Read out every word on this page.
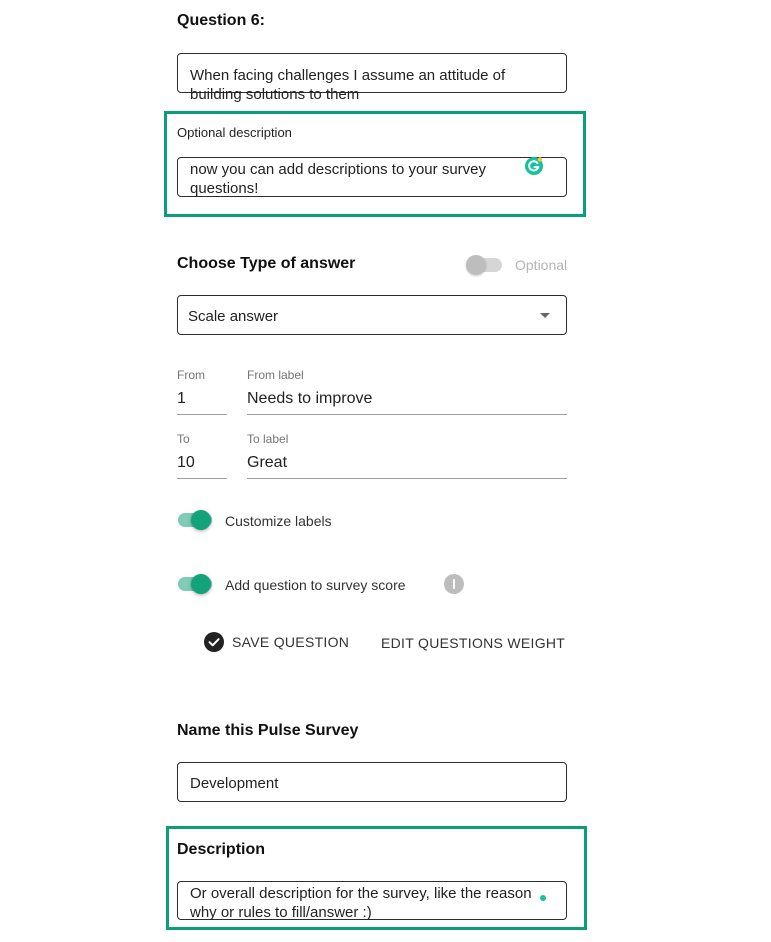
Question 6:
When facing challenges I assume an attitude of building solutions to them
Optional description
now you can add descriptions to your survey questions!
Choose Type of answer	Optional
Scale answer
From
1
From label
Needs to improve
To
10
To label
Great
Customize labels
Add question to survey score
SAVE QUESTION EDIT QUESTIONS WEIGHT
Name this Pulse Survey
Development
Description
Or overall description for the survey, like the reason why or rules to fill/answer :)
